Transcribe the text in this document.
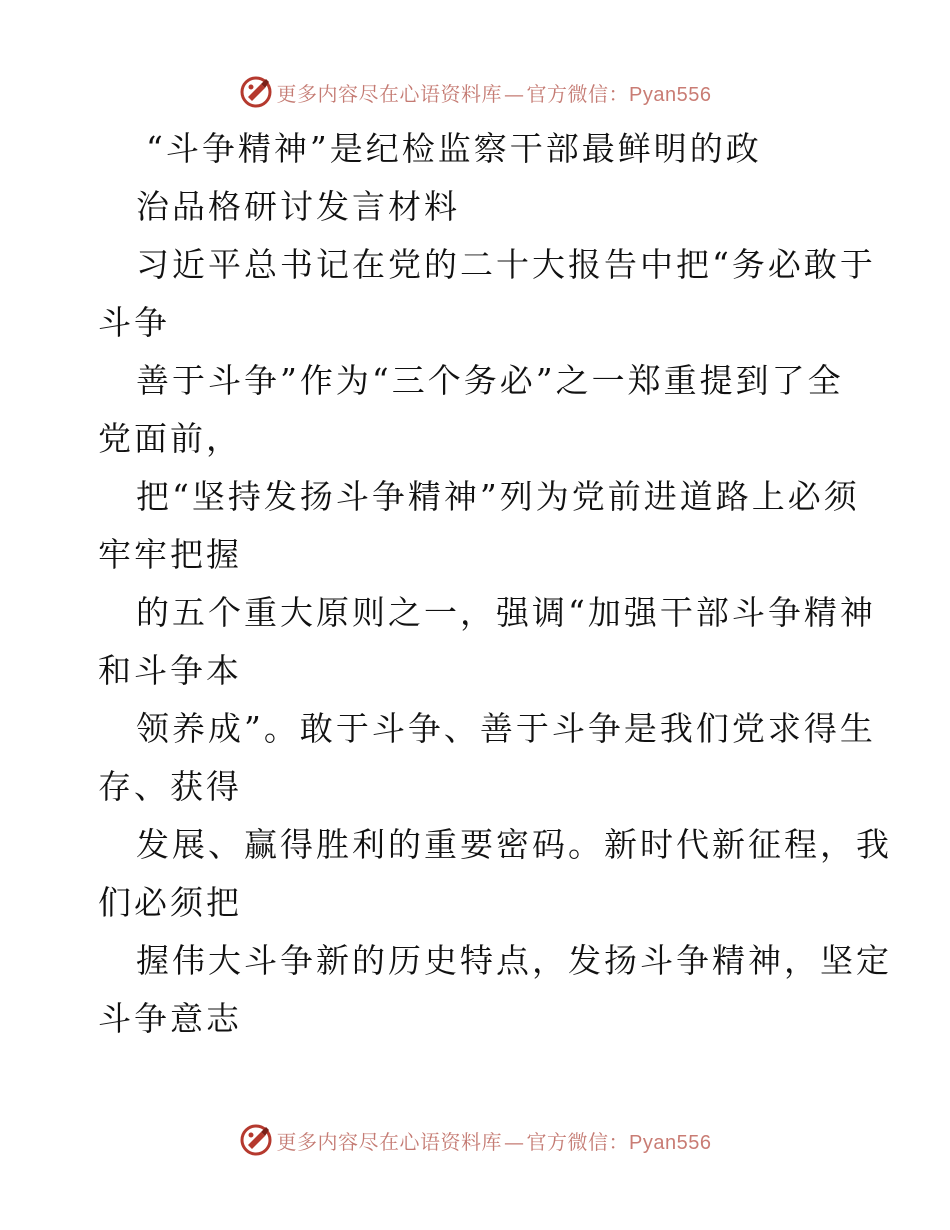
更多内容尽在心语资料库 — 官方微信：Pyan556
“斗争精神”是纪检监察干部最鲜明的政
治品格研讨发言材料
习近平总书记在党的二十大报告中把“务必敢于
斗争
善于斗争”作为“三个务必”之一郑重提到了全
党面前，
把“坚持发扬斗争精神”列为党前进道路上必须
牢牢把握
的五个重大原则之一，强调“加强干部斗争精神
和斗争本
领养成”。敢于斗争、善于斗争是我们党求得生
存、获得
发展、赢得胜利的重要密码。新时代新征程，我
们必须把
握伟大斗争新的历史特点，发扬斗争精神，坚定
斗争意志
更多内容尽在心语资料库 — 官方微信：Pyan556
